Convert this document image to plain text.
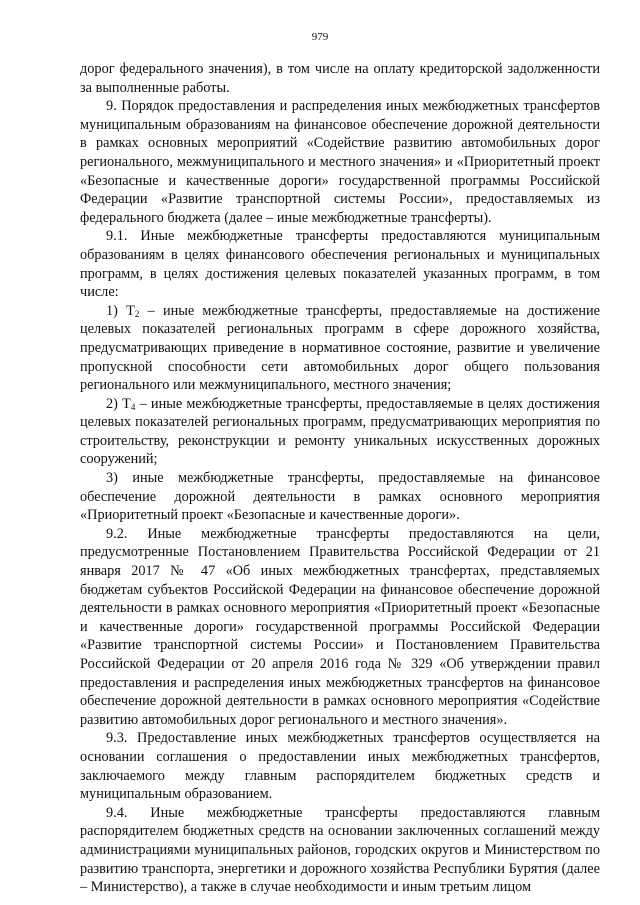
979

дорог федерального значения), в том числе на оплату кредиторской задолженности за выполненные работы.

9. Порядок предоставления и распределения иных межбюджетных трансфертов муниципальным образованиям на финансовое обеспечение дорожной деятельности в рамках основных мероприятий «Содействие развитию автомобильных дорог регионального, межмуниципального и местного значения» и «Приоритетный проект «Безопасные и качественные дороги» государственной программы Российской Федерации «Развитие транспортной системы России», предоставляемых из федерального бюджета (далее – иные межбюджетные трансферты).

9.1. Иные межбюджетные трансферты предоставляются муниципальным образованиям в целях финансового обеспечения региональных и муниципальных программ, в целях достижения целевых показателей указанных программ, в том числе:

1) $Т_2$ – иные межбюджетные трансферты, предоставляемые на достижение целевых показателей региональных программ в сфере дорожного хозяйства, предусматривающих приведение в нормативное состояние, развитие и увеличение пропускной способности сети автомобильных дорог общего пользования регионального или межмуниципального, местного значения;

2) $Т_4$ – иные межбюджетные трансферты, предоставляемые в целях достижения целевых показателей региональных программ, предусматривающих мероприятия по строительству, реконструкции и ремонту уникальных искусственных дорожных сооружений;

3) иные межбюджетные трансферты, предоставляемые на финансовое обеспечение дорожной деятельности в рамках основного мероприятия «Приоритетный проект «Безопасные и качественные дороги».

9.2. Иные межбюджетные трансферты предоставляются на цели, предусмотренные Постановлением Правительства Российской Федерации от 21 января 2017 № 47 «Об иных межбюджетных трансфертах, представляемых бюджетам субъектов Российской Федерации на финансовое обеспечение дорожной деятельности в рамках основного мероприятия «Приоритетный проект «Безопасные и качественные дороги» государственной программы Российской Федерации «Развитие транспортной системы России» и Постановлением Правительства Российской Федерации от 20 апреля 2016 года № 329 «Об утверждении правил предоставления и распределения иных межбюджетных трансфертов на финансовое обеспечение дорожной деятельности в рамках основного мероприятия «Содействие развитию автомобильных дорог регионального и местного значения».

9.3. Предоставление иных межбюджетных трансфертов осуществляется на основании соглашения о предоставлении иных межбюджетных трансфертов, заключаемого между главным распорядителем бюджетных средств и муниципальным образованием.

9.4. Иные межбюджетные трансферты предоставляются главным распорядителем бюджетных средств на основании заключенных соглашений между администрациями муниципальных районов, городских округов и Министерством по развитию транспорта, энергетики и дорожного хозяйства Республики Бурятия (далее – Министерство), а также в случае необходимости и иным третьим лицом
